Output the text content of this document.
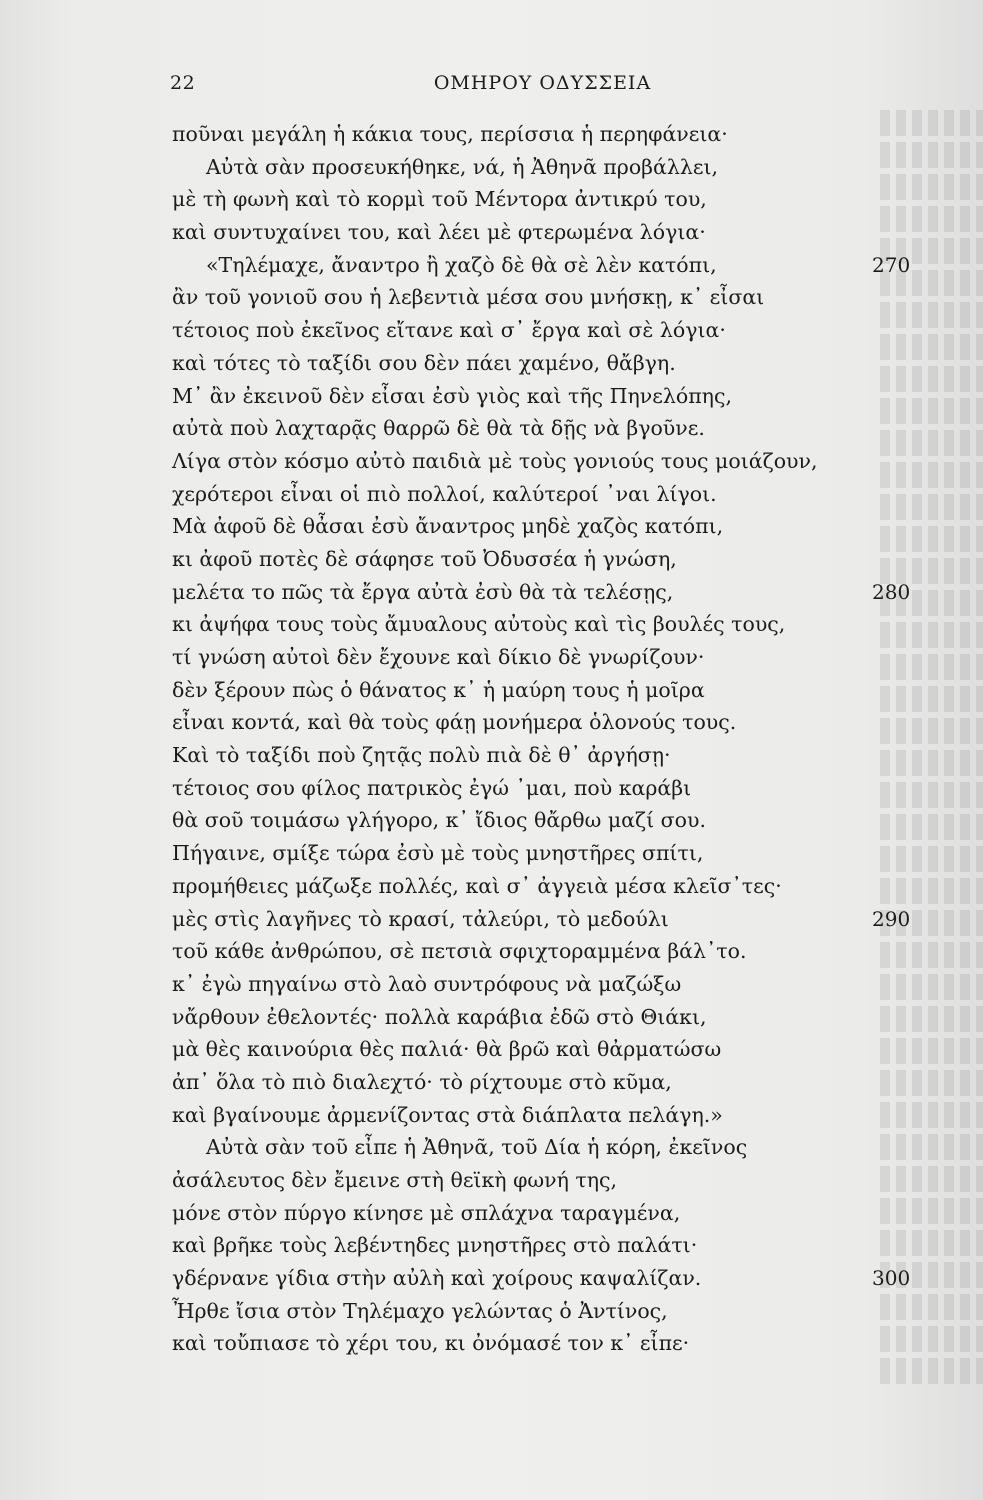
22	ΟΜΗΡΟΥ ΟΔΥΣΣΕΙΑ
πoῦναι μεγάλη ἡ κάκια τους, περίσσια ἡ περηφάνεια·
Αὐτὰ σὰν προσευκήθηκε, νά, ἡ Ἀθηνᾶ προβάλλει,
μὲ τὴ φωνὴ καὶ τὸ κορμὶ τοῦ Μέντορα ἀντικρύ του,
καὶ συντυχαίνει του, καὶ λέει μὲ φτερωμένα λόγια·
«Τηλέμαχε, ἄναντρο ἢ χαζὸ δὲ θὰ σὲ λὲν κατόπι,	270
ἂν τοῦ γονιοῦ σου ἡ λεβεντιὰ μέσα σου μνήσκῃ, κ᾽ εἶσαι
τέτοιος ποὺ ἐκεῖνος εἴτανε καὶ σ᾽ ἔργα καὶ σὲ λόγια·
καὶ τότες τὸ ταξίδι σου δὲν πάει χαμένο, θἄβγη.
Μ᾽ ἂν ἐκεινοῦ δὲν εἶσαι ἐσὺ γιὸς καὶ τῆς Πηνελόπης,
αὐτὰ ποὺ λαχταρᾷς θαρρῶ δὲ θὰ τὰ δῇς νὰ βγοῦνε.
Λίγα στὸν κόσμο αὐτὸ παιδιὰ μὲ τοὺς γονιούς τους μοιάζουν,
χερότεροι εἶναι οἱ πιὸ πολλοί, καλύτεροί ᾽ναι λίγοι.
Μὰ ἀφοῦ δὲ θἆσαι ἐσὺ ἄναντρος μηδὲ χαζὸς κατόπι,
κι ἀφοῦ ποτὲς δὲ σάφησε τοῦ Ὀδυσσέα ἡ γνώση,
μελέτα το πῶς τὰ ἔργα αὐτὰ ἐσὺ θὰ τὰ τελέσῃς,	280
κι ἀψήφα τους τοὺς ἄμυαλους αὐτοὺς καὶ τὶς βουλές τους,
τί γνώση αὐτοὶ δὲν ἔχουνε καὶ δίκιο δὲ γνωρίζουν·
δὲν ξέρουν πὼς ὁ θάνατος κ᾽ ἡ μαύρη τους ἡ μοῖρα
εἶναι κοντά, καὶ θὰ τοὺς φάῃ μονήμερα ὁλονούς τους.
Καὶ τὸ ταξίδι ποὺ ζητᾷς πολὺ πιὰ δὲ θ᾽ ἀργήσῃ·
τέτοιος σου φίλος πατρικὸς ἐγώ ᾽μαι, ποὺ καράβι
θὰ σοῦ τοιμάσω γλήγορο, κ᾽ ἴδιος θἄρθω μαζί σου.
Πήγαινε, σμίξε τώρα ἐσὺ μὲ τοὺς μνηστῆρες σπίτι,
προμήθειες μάζωξε πολλές, καὶ σ᾽ ἀγγειὰ μέσα κλεῖσ᾽τες·
μὲς στὶς λαγῆνες τὸ κρασί, τἀλεύρι, τὸ μεδούλι	290
τοῦ κάθε ἀνθρώπου, σὲ πετσιὰ σφιχτοραμμένα βάλ᾽το.
κ᾽ ἐγὼ πηγαίνω στὸ λαὸ συντρόφους νὰ μαζώξω
νἄρθουν ἐθελοντές· πολλὰ καράβια ἐδῶ στὸ Θιάκι,
μὰ θὲς καινούρια θὲς παλιά· θὰ βρῶ καὶ θἀρματώσω
ἀπ᾽ ὅλα τὸ πιὸ διαλεχτό· τὸ ρίχτουμε στὸ κῦμα,
καὶ βγαίνουμε ἀρμενίζοντας στὰ διάπλατα πελάγη.»
Αὐτὰ σὰν τοῦ εἶπε ἡ Ἀθηνᾶ, τοῦ Δία ἡ κόρη, ἐκεῖνος
ἀσάλευτος δὲν ἔμεινε στὴ θεϊκὴ φωνή της,
μόνε στὸν πύργο κίνησε μὲ σπλάχνα ταραγμένα,
καὶ βρῆκε τοὺς λεβέντηδες μνηστῆρες στὸ παλάτι·
γδέρνανε γίδια στὴν αὐλὴ καὶ χοίρους καψαλίζαν.	300
Ἦρθε ἴσια στὸν Τηλέμαχο γελώντας ὁ Ἀντίνος,
καὶ τοὔπιασε τὸ χέρι του, κι ὀνόμασέ τον κ᾽ εἶπε·
